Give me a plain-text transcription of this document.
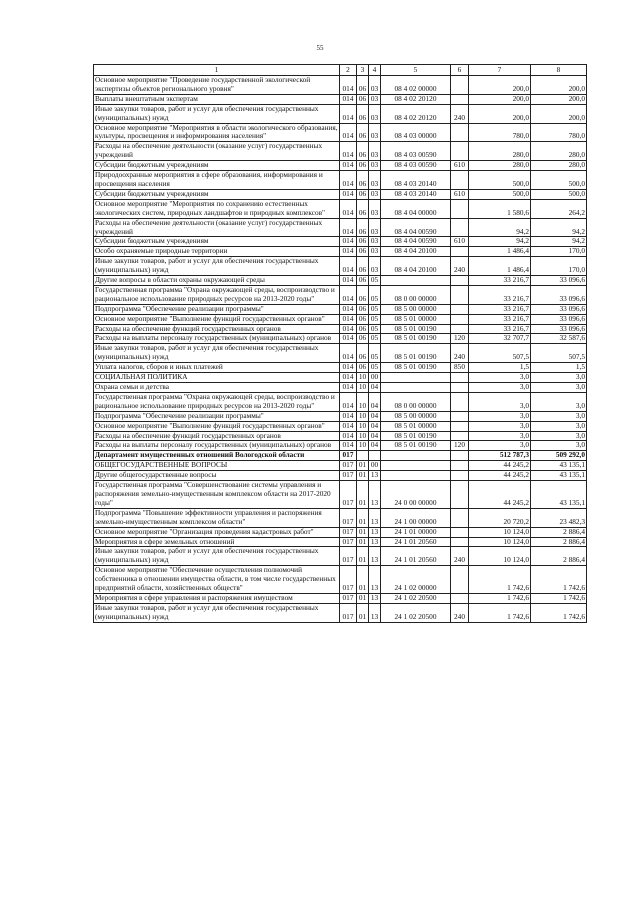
55
1	2	3	4	5	6	7	8
Основное мероприятие "Проведение государственной экологической экспертизы объектов регионального уровня"	014	06	03	08 4 02 00000		200,0	200,0
Выплаты внештатным экспертам	014	06	03	08 4 02 20120		200,0	200,0
Иные закупки товаров, работ и услуг для обеспечения государственных (муниципальных) нужд	014	06	03	08 4 02 20120	240	200,0	200,0
Основное мероприятие "Мероприятия в области экологического образования, культуры, просвещения и информирования населения"	014	06	03	08 4 03 00000		780,0	780,0
Расходы на обеспечение деятельности (оказание услуг) государственных учреждений	014	06	03	08 4 03 00590		280,0	280,0
Субсидии бюджетным учреждениям	014	06	03	08 4 03 00590	610	280,0	280,0
Природоохранные мероприятия в сфере образования, информирования и просвещения населения	014	06	03	08 4 03 20140		500,0	500,0
Субсидии бюджетным учреждениям	014	06	03	08 4 03 20140	610	500,0	500,0
Основное мероприятие "Мероприятия по сохранению естественных экологических систем, природных ландшафтов и природных комплексов"	014	06	03	08 4 04 00000		1 580,6	264,2
Расходы на обеспечение деятельности (оказание услуг) государственных учреждений	014	06	03	08 4 04 00590		94,2	94,2
Субсидии бюджетным учреждениям	014	06	03	08 4 04 00590	610	94,2	94,2
Особо охраняемые природные территории	014	06	03	08 4 04 20100		1 486,4	170,0
Иные закупки товаров, работ и услуг для обеспечения государственных (муниципальных) нужд	014	06	03	08 4 04 20100	240	1 486,4	170,0
Другие вопросы в области охраны окружающей среды	014	06	05			33 216,7	33 096,6
Государственная программа "Охрана окружающей среды, воспроизводство и рациональное использование природных ресурсов на 2013-2020 годы"	014	06	05	08 0 00 00000		33 216,7	33 096,6
Подпрограмма "Обеспечение реализации программы"	014	06	05	08 5 00 00000		33 216,7	33 096,6
Основное мероприятие "Выполнение функций государственных органов"	014	06	05	08 5 01 00000		33 216,7	33 096,6
Расходы на обеспечение функций государственных органов	014	06	05	08 5 01 00190		33 216,7	33 096,6
Расходы на выплаты персоналу государственных (муниципальных) органов	014	06	05	08 5 01 00190	120	32 707,7	32 587,6
Иные закупки товаров, работ и услуг для обеспечения государственных (муниципальных) нужд	014	06	05	08 5 01 00190	240	507,5	507,5
Уплата налогов, сборов и иных платежей	014	06	05	08 5 01 00190	850	1,5	1,5
СОЦИАЛЬНАЯ ПОЛИТИКА	014	10	00			3,0	3,0
Охрана семьи и детства	014	10	04			3,0	3,0
Государственная программа "Охрана окружающей среды, воспроизводство и рациональное использование природных ресурсов на 2013-2020 годы"	014	10	04	08 0 00 00000		3,0	3,0
Подпрограмма "Обеспечение реализации программы"	014	10	04	08 5 00 00000		3,0	3,0
Основное мероприятие "Выполнение функций государственных органов"	014	10	04	08 5 01 00000		3,0	3,0
Расходы на обеспечение функций государственных органов	014	10	04	08 5 01 00190		3,0	3,0
Расходы на выплаты персоналу государственных (муниципальных) органов	014	10	04	08 5 01 00190	120	3,0	3,0
Департамент имущественных отношений Вологодской области	017					512 787,3	509 292,0
ОБЩЕГОСУДАРСТВЕННЫЕ ВОПРОСЫ	017	01	00			44 245,2	43 135,1
Другие общегосударственные вопросы	017	01	13			44 245,2	43 135,1
Государственная программа "Совершенствование системы управления и распоряжения земельно-имущественным комплексом области на 2017-2020 годы"	017	01	13	24 0 00 00000		44 245,2	43 135,1
Подпрограмма "Повышение эффективности управления и распоряжения земельно-имущественным комплексом области"	017	01	13	24 1 00 00000		20 720,2	23 482,3
Основное мероприятие "Организация проведения кадастровых работ"	017	01	13	24 1 01 00000		10 124,0	2 886,4
Мероприятия в сфере земельных отношений	017	01	13	24 1 01 20560		10 124,0	2 886,4
Иные закупки товаров, работ и услуг для обеспечения государственных (муниципальных) нужд	017	01	13	24 1 01 20560	240	10 124,0	2 886,4
Основное мероприятие "Обеспечение осуществления полномочий собственника в отношении имущества области, в том числе государственных предприятий области, хозяйственных обществ"	017	01	13	24 1 02 00000		1 742,6	1 742,6
Мероприятия в сфере управления и распоряжения имуществом	017	01	13	24 1 02 20500		1 742,6	1 742,6
Иные закупки товаров, работ и услуг для обеспечения государственных (муниципальных) нужд	017	01	13	24 1 02 20500	240	1 742,6	1 742,6
